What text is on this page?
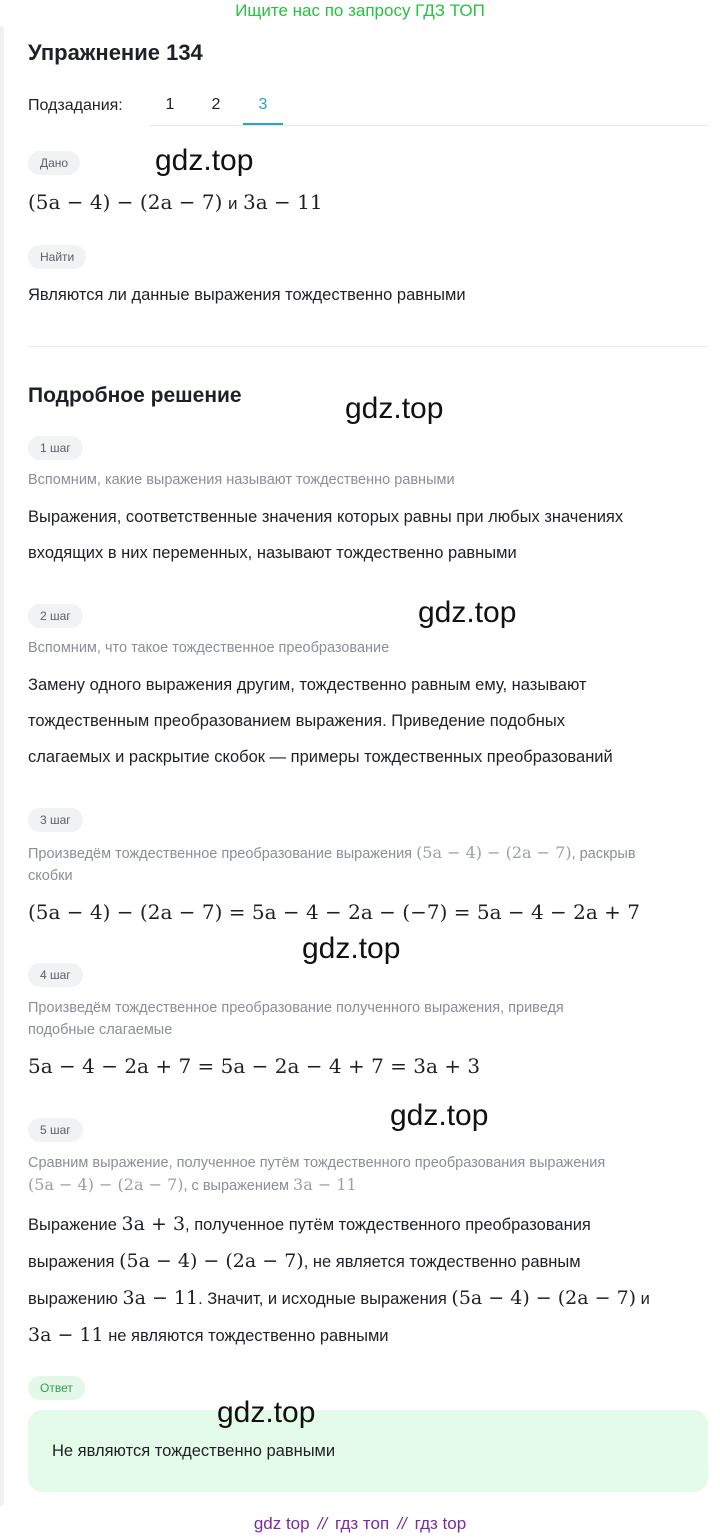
Ищите нас по запросу ГДЗ ТОП
Упражнение 134
Подзадания:	1	2	3
Дано	gdz.top
(5a − 4) − (2a − 7) и 3a − 11
Найти
Являются ли данные выражения тождественно равными
Подробное решение	gdz.top
1 шаг
Вспомним, какие выражения называют тождественно равными
Выражения, соответственные значения которых равны при любых значениях
входящих в них переменных, называют тождественно равными
2 шаг	gdz.top
Вспомним, что такое тождественное преобразование
Замену одного выражения другим, тождественно равным ему, называют
тождественным преобразованием выражения. Приведение подобных
слагаемых и раскрытие скобок — примеры тождественных преобразований
3 шаг
Произведём тождественное преобразование выражения (5a − 4) − (2a − 7), раскрыв
скобки
(5a − 4) − (2a − 7) = 5a − 4 − 2a − (−7) = 5a − 4 − 2a + 7
gdz.top
4 шаг
Произведём тождественное преобразование полученного выражения, приведя
подобные слагаемые
5a − 4 − 2a + 7 = 5a − 2a − 4 + 7 = 3a + 3
gdz.top
5 шаг
Сравним выражение, полученное путём тождественного преобразования выражения
(5a − 4) − (2a − 7), с выражением 3a − 11
Выражение 3a + 3, полученное путём тождественного преобразования
выражения (5a − 4) − (2a − 7), не является тождественно равным
выражению 3a − 11. Значит, и исходные выражения (5a − 4) − (2a − 7) и
3a − 11 не являются тождественно равными
Ответ
Не являются тождественно равными
gdz.top
gdz top // гдз топ // гдз top
